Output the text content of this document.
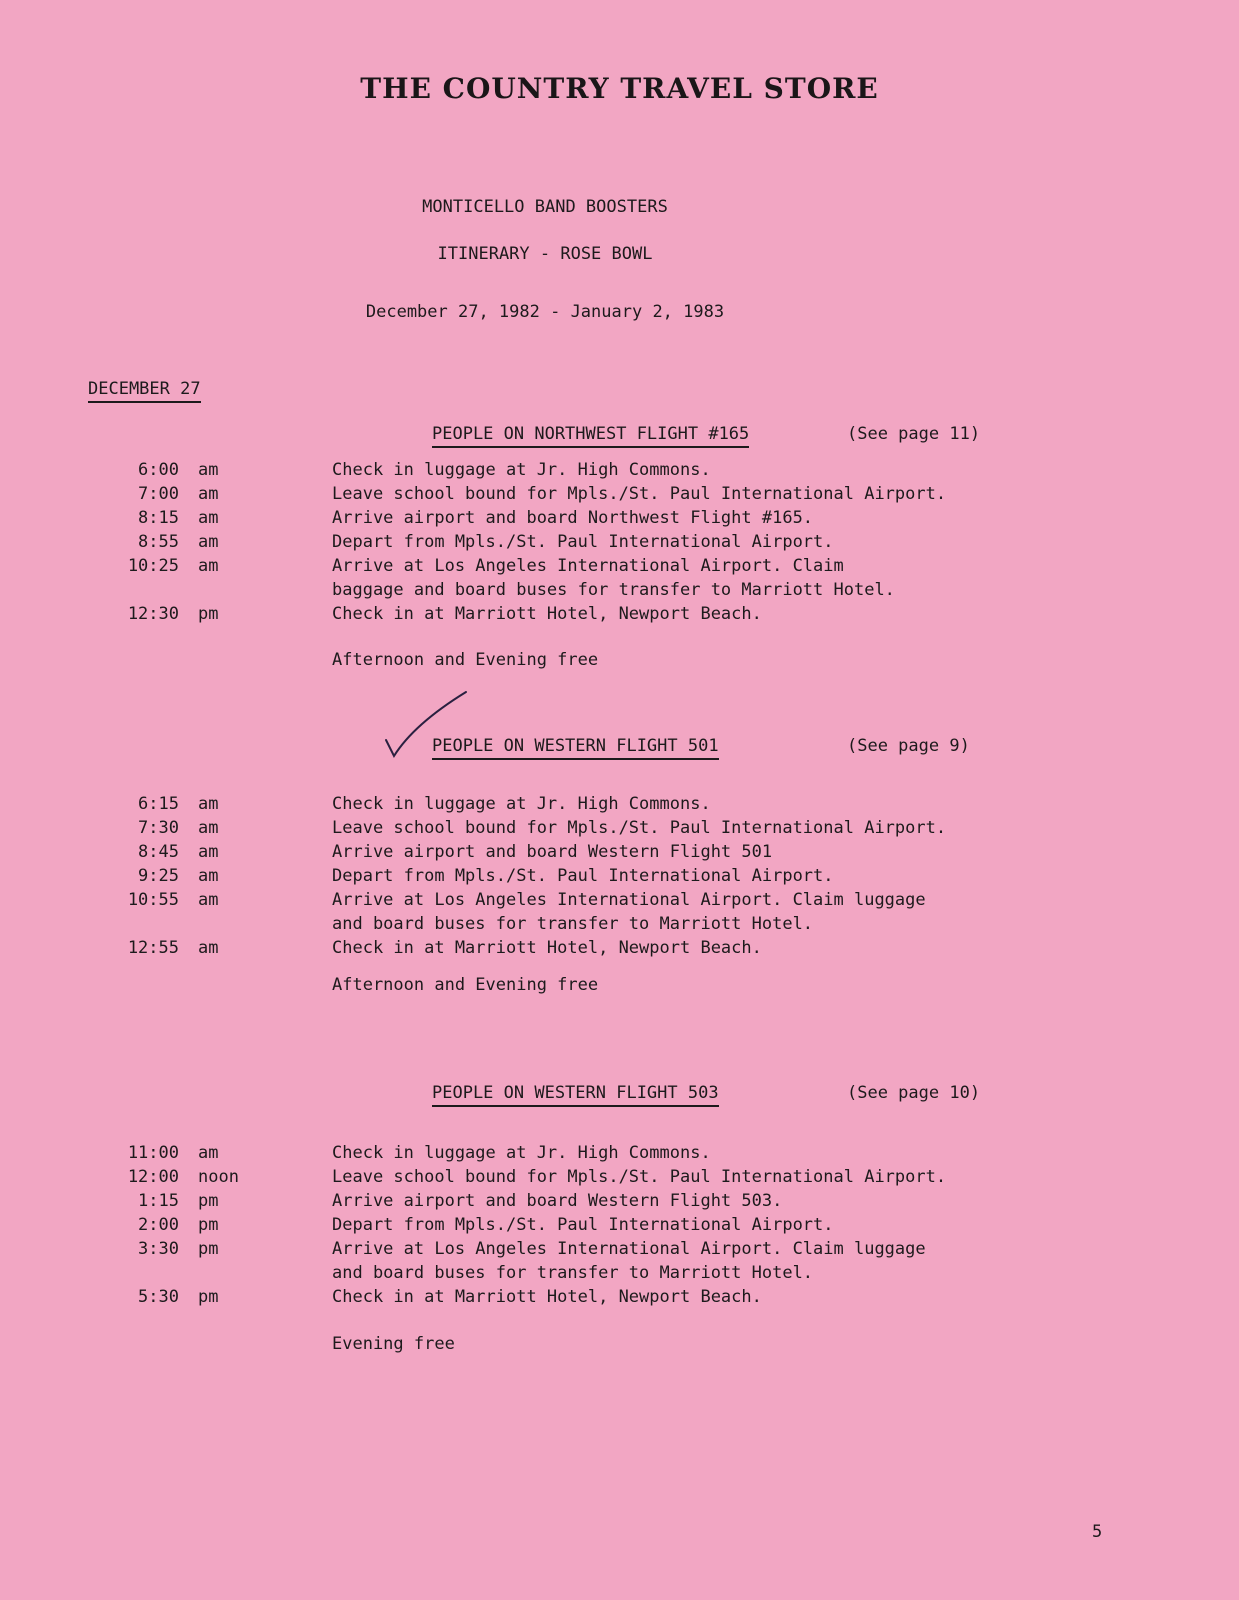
THE COUNTRY TRAVEL STORE
MONTICELLO BAND BOOSTERS
ITINERARY - ROSE BOWL
December 27, 1982 - January 2, 1983
DECEMBER 27
PEOPLE ON NORTHWEST FLIGHT #165	(See page 11)
6:00 am	Check in luggage at Jr. High Commons.
7:00 am	Leave school bound for Mpls./St. Paul International Airport.
8:15 am	Arrive airport and board Northwest Flight #165.
8:55 am	Depart from Mpls./St. Paul International Airport.
10:25 am	Arrive at Los Angeles International Airport. Claim
baggage and board buses for transfer to Marriott Hotel.
12:30 pm	Check in at Marriott Hotel, Newport Beach.
Afternoon and Evening free
PEOPLE ON WESTERN FLIGHT 501	(See page 9)
6:15 am	Check in luggage at Jr. High Commons.
7:30 am	Leave school bound for Mpls./St. Paul International Airport.
8:45 am	Arrive airport and board Western Flight 501
9:25 am	Depart from Mpls./St. Paul International Airport.
10:55 am	Arrive at Los Angeles International Airport. Claim luggage
and board buses for transfer to Marriott Hotel.
12:55 am	Check in at Marriott Hotel, Newport Beach.
Afternoon and Evening free
PEOPLE ON WESTERN FLIGHT 503	(See page 10)
11:00 am	Check in luggage at Jr. High Commons.
12:00 noon	Leave school bound for Mpls./St. Paul International Airport.
1:15 pm	Arrive airport and board Western Flight 503.
2:00 pm	Depart from Mpls./St. Paul International Airport.
3:30 pm	Arrive at Los Angeles International Airport. Claim luggage
and board buses for transfer to Marriott Hotel.
5:30 pm	Check in at Marriott Hotel, Newport Beach.
Evening free
5
